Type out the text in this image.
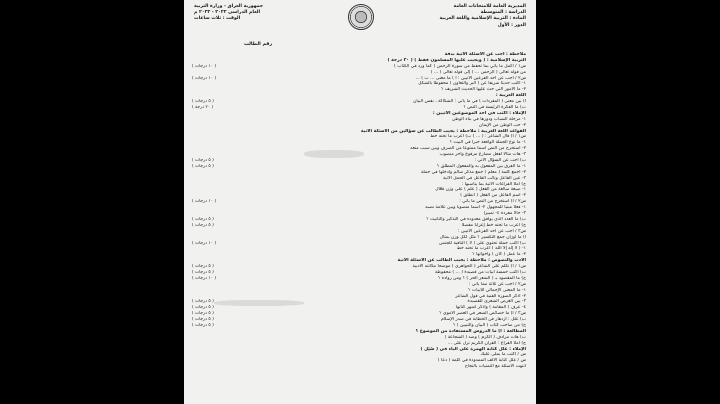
المديرية العامة للامتحانات العامة
الدراسة : المتوسطة
المادة : التربية الإسلامية واللغة العربية
الدور : الأول
جمهورية العراق - وزارة التربية
العام الدراسي ٢٠٢٢ - ٢٠٢٣ م
الوقت : ثلاث ساعات
رقم الطالب
ملاحظة : أجب عن الأسئلة الآتية بدقة
التربية الإسلامية : ( ويجيب عليها المسلمون فقط ) ( ٢٠ درجة )
س١ / أكمل ما يأتي بما تحفظ من سورة الرحمن ( كما ورد في الكتاب )
( ١٠ درجات )
من قوله تعالى ( الرحمن ... ) إلى قوله تعالى ( ... )
س٢ / أجب عن أحد الفرعين الآتيين : أ ) ما معنى ... ب ) ...
( ١٠ درجات )
١- اكتب حديثاً شريفاً عن ( البر والتعاون ) محفوظاً بالشكل
٢- ما الأمور التي حث عليها الحديث الشريف ؟
اللغة العربية :
أ) بين معنى ( المفردات ) في ما يأتي : الشكاكة ، نفس البيان
( ٥ درجات )
ب) ما الفكرة الرئيسة في النص ؟
( ٢٠ درجة )
الإملاء : أكتب في أحد الموضوعين الآتيين :
١- مرحلة الشباب ودورها في بناء الوطن
٢- حب الوطن من الإيمان
القواعد اللغة العربية : ملاحظة : يجيب الطالب عن سؤالين من الأسئلة الآتية
س١ / أ) قال الشاعر : ( ... ) ب) أعرب ما تحته خط
١- ما نوع الجملة الواقعة خبراً في البيت ؟
٢- استخرج من النص اسماً ممنوعاً من الصرف وبين سبب منعه
٣- هات مثالاً لفعل مضارع مرفوع وآخر منصوب
ب) أجب عن السؤال الآتي :
( ٥ درجات )
١- ما الفرق بين المفعول به والمفعول المطلق ؟
( ٥ درجات )
٢- اجمع كلمة ( معلم ) جمع مذكر سالم وأدخلها في جملة
٣- عين الفاعل ونائب الفاعل في الجمل الآتية
ج) املأ الفراغات الآتية بما يناسبها :
١- صيغة مبالغة من الفعل ( علم ) على وزن فعّال
٢- اسم الفاعل من الفعل ( انطلق )
س٢ / أ) استخرج من النص ما يأتي :
( ١٠ درجات )
١- فعلاً مبنياً للمجهول ٢- اسماً منصوباً وبين علامة نصبه
٣- حالاً مفردة ٤- تمييزاً
ب) ما العدد الذي يوافق معدوده في التذكير والتأنيث ؟
( ٥ درجات )
ج) أعرب ما تحته خط إعراباً مفصلاً
( ٥ درجات )
س٣ / أجب عن أحد الفرعين الآتيين :
أ) ما أوزان جمع التكسير ؟ مثّل لكل وزن بمثال
ب) اكتب جملة تحتوي على ( لا ) النافية للجنس
( ١٠ درجات )
١- ( لا إله إلا الله ) أعرب ما تحته خط
٢- ما عمل ( كان ) وأخواتها ؟
الأدب والنصوص : ملاحظة : يجيب الطالب عن الأسئلة الآتية
س١ / أ) تكلم على الشاعر ( الجواهري ) موضحاً مكانته الأدبية
( ٥ درجات )
ب) اكتب خمسة أبيات من قصيدة ( ... ) محفوظة
( ٥ درجات )
ج) ما المقصود بـ ( الشعر الحر ) ؟ ومن رواده ؟
( ١٠ درجات )
س٢ / أجب عن ثلاثة مما يأتي :
١- ما المعنى الإجمالي للأبيات ؟
٢- اذكر الصورة الفنية في قول الشاعر
٣- بين الغرض الشعري للقصيدة
( ٥ درجات )
٤- عرف ( المقامة ) واذكر أشهر كتابها
( ٥ درجات )
س٣ / أ) ما خصائص الشعر في العصر الأموي ؟
( ٥ درجات )
ب) علل : ازدهار فن الخطابة في صدر الإسلام
( ٥ درجات )
ج) من صاحب كتاب ( البيان والتبيين ) ؟
( ٥ درجات )
المطالعة : أ) ما الدروس المستفادة من الموضوع ؟
ب) هات مرادف ( الكرم ) وضد ( الشجاعة )
ج) املأ الفراغ : القرآن الكريم نزل على ...
الإملاء : علل كتابة الهمزة على الياء في ( سُئِل )
س / أكتب ما يملى عليك
س / علل كتابة الألف الممدودة في كلمة ( دعا )
انتهت الأسئلة مع التمنيات بالنجاح
